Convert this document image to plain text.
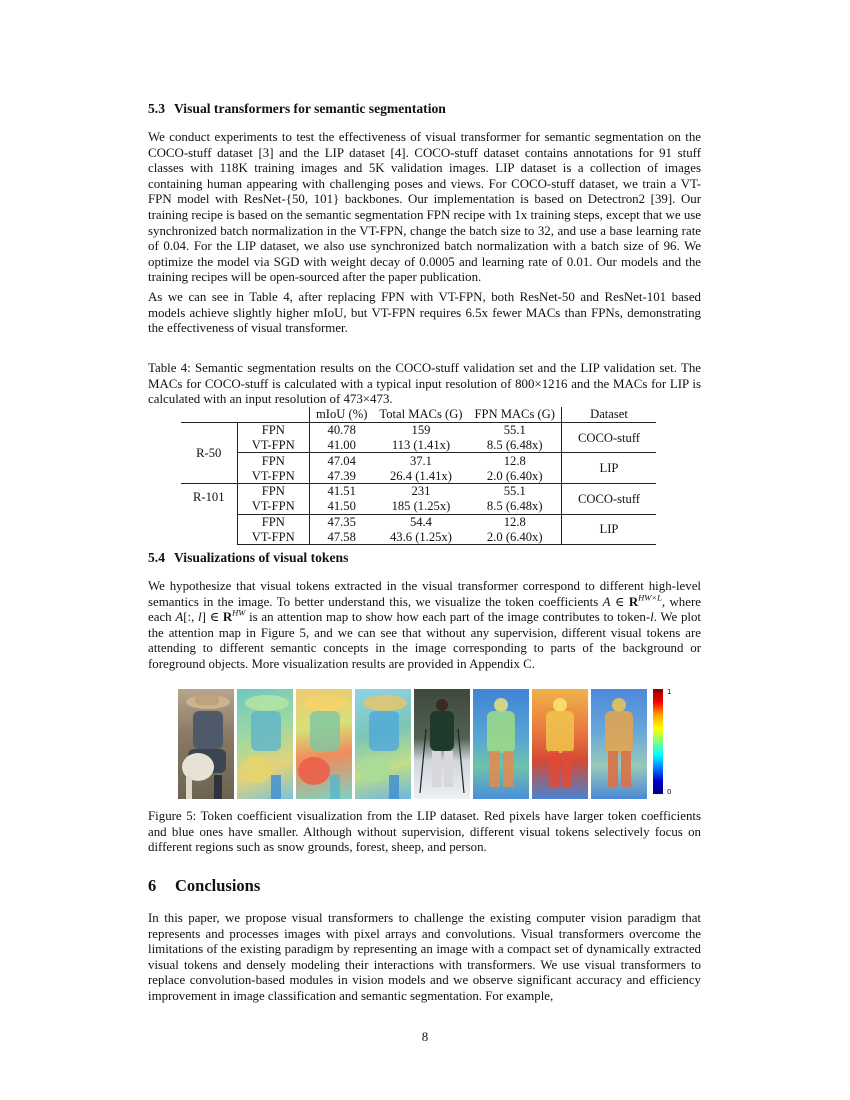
5.3 Visual transformers for semantic segmentation

We conduct experiments to test the effectiveness of visual transformer for semantic segmentation on the COCO-stuff dataset [3] and the LIP dataset [4]. COCO-stuff dataset contains annotations for 91 stuff classes with 118K training images and 5K validation images. LIP dataset is a collection of images containing human appearing with challenging poses and views. For COCO-stuff dataset, we train a VT-FPN model with ResNet-{50, 101} backbones. Our implementation is based on Detectron2 [39]. Our training recipe is based on the semantic segmentation FPN recipe with 1x training steps, except that we use synchronized batch normalization in the VT-FPN, change the batch size to 32, and use a base learning rate of 0.04. For the LIP dataset, we also use synchronized batch normalization with a batch size of 96. We optimize the model via SGD with weight decay of 0.0005 and learning rate of 0.01. Our models and the training recipes will be open-sourced after the paper publication.

As we can see in Table 4, after replacing FPN with VT-FPN, both ResNet-50 and ResNet-101 based models achieve slightly higher mIoU, but VT-FPN requires 6.5x fewer MACs than FPNs, demonstrating the effectiveness of visual transformer.

Table 4: Semantic segmentation results on the COCO-stuff validation set and the LIP validation set. The MACs for COCO-stuff is calculated with a typical input resolution of 800×1216 and the MACs for LIP is calculated with an input resolution of 473×473.
		mIoU (%)	Total MACs (G)	FPN MACs (G)	Dataset
R-50	FPN	40.78	159	55.1	COCO-stuff
	VT-FPN	41.00	113 (1.41x)	8.5 (6.48x)	
	FPN	47.04	37.1	12.8	LIP
	VT-FPN	47.39	26.4 (1.41x)	2.0 (6.40x)	
R-101	FPN	41.51	231	55.1	COCO-stuff
	VT-FPN	41.50	185 (1.25x)	8.5 (6.48x)	
	FPN	47.35	54.4	12.8	LIP
	VT-FPN	47.58	43.6 (1.25x)	2.0 (6.40x)	
5.4 Visualizations of visual tokens

We hypothesize that visual tokens extracted in the visual transformer correspond to different high-level semantics in the image. To better understand this, we visualize the token coefficients A ∈ $R^{HW\times L}$, where each A[:, l] ∈ $R^{HW}$ is an attention map to show how each part of the image contributes to token-l. We plot the attention map in Figure 5, and we can see that without any supervision, different visual tokens are attending to different semantic concepts in the image corresponding to parts of the background or foreground objects. More visualization results are provided in Appendix C.

1
0
Figure 5: Token coefficient visualization from the LIP dataset. Red pixels have larger token coefficients and blue ones have smaller. Although without supervision, different visual tokens selectively focus on different regions such as snow grounds, forest, sheep, and person.
6 Conclusions

In this paper, we propose visual transformers to challenge the existing computer vision paradigm that represents and processes images with pixel arrays and convolutions. Visual transformers overcome the limitations of the existing paradigm by representing an image with a compact set of dynamically extracted visual tokens and densely modeling their interactions with transformers. We use visual transformers to replace convolution-based modules in vision models and we observe significant accuracy and efficiency improvement in image classification and semantic segmentation. For example,

8
